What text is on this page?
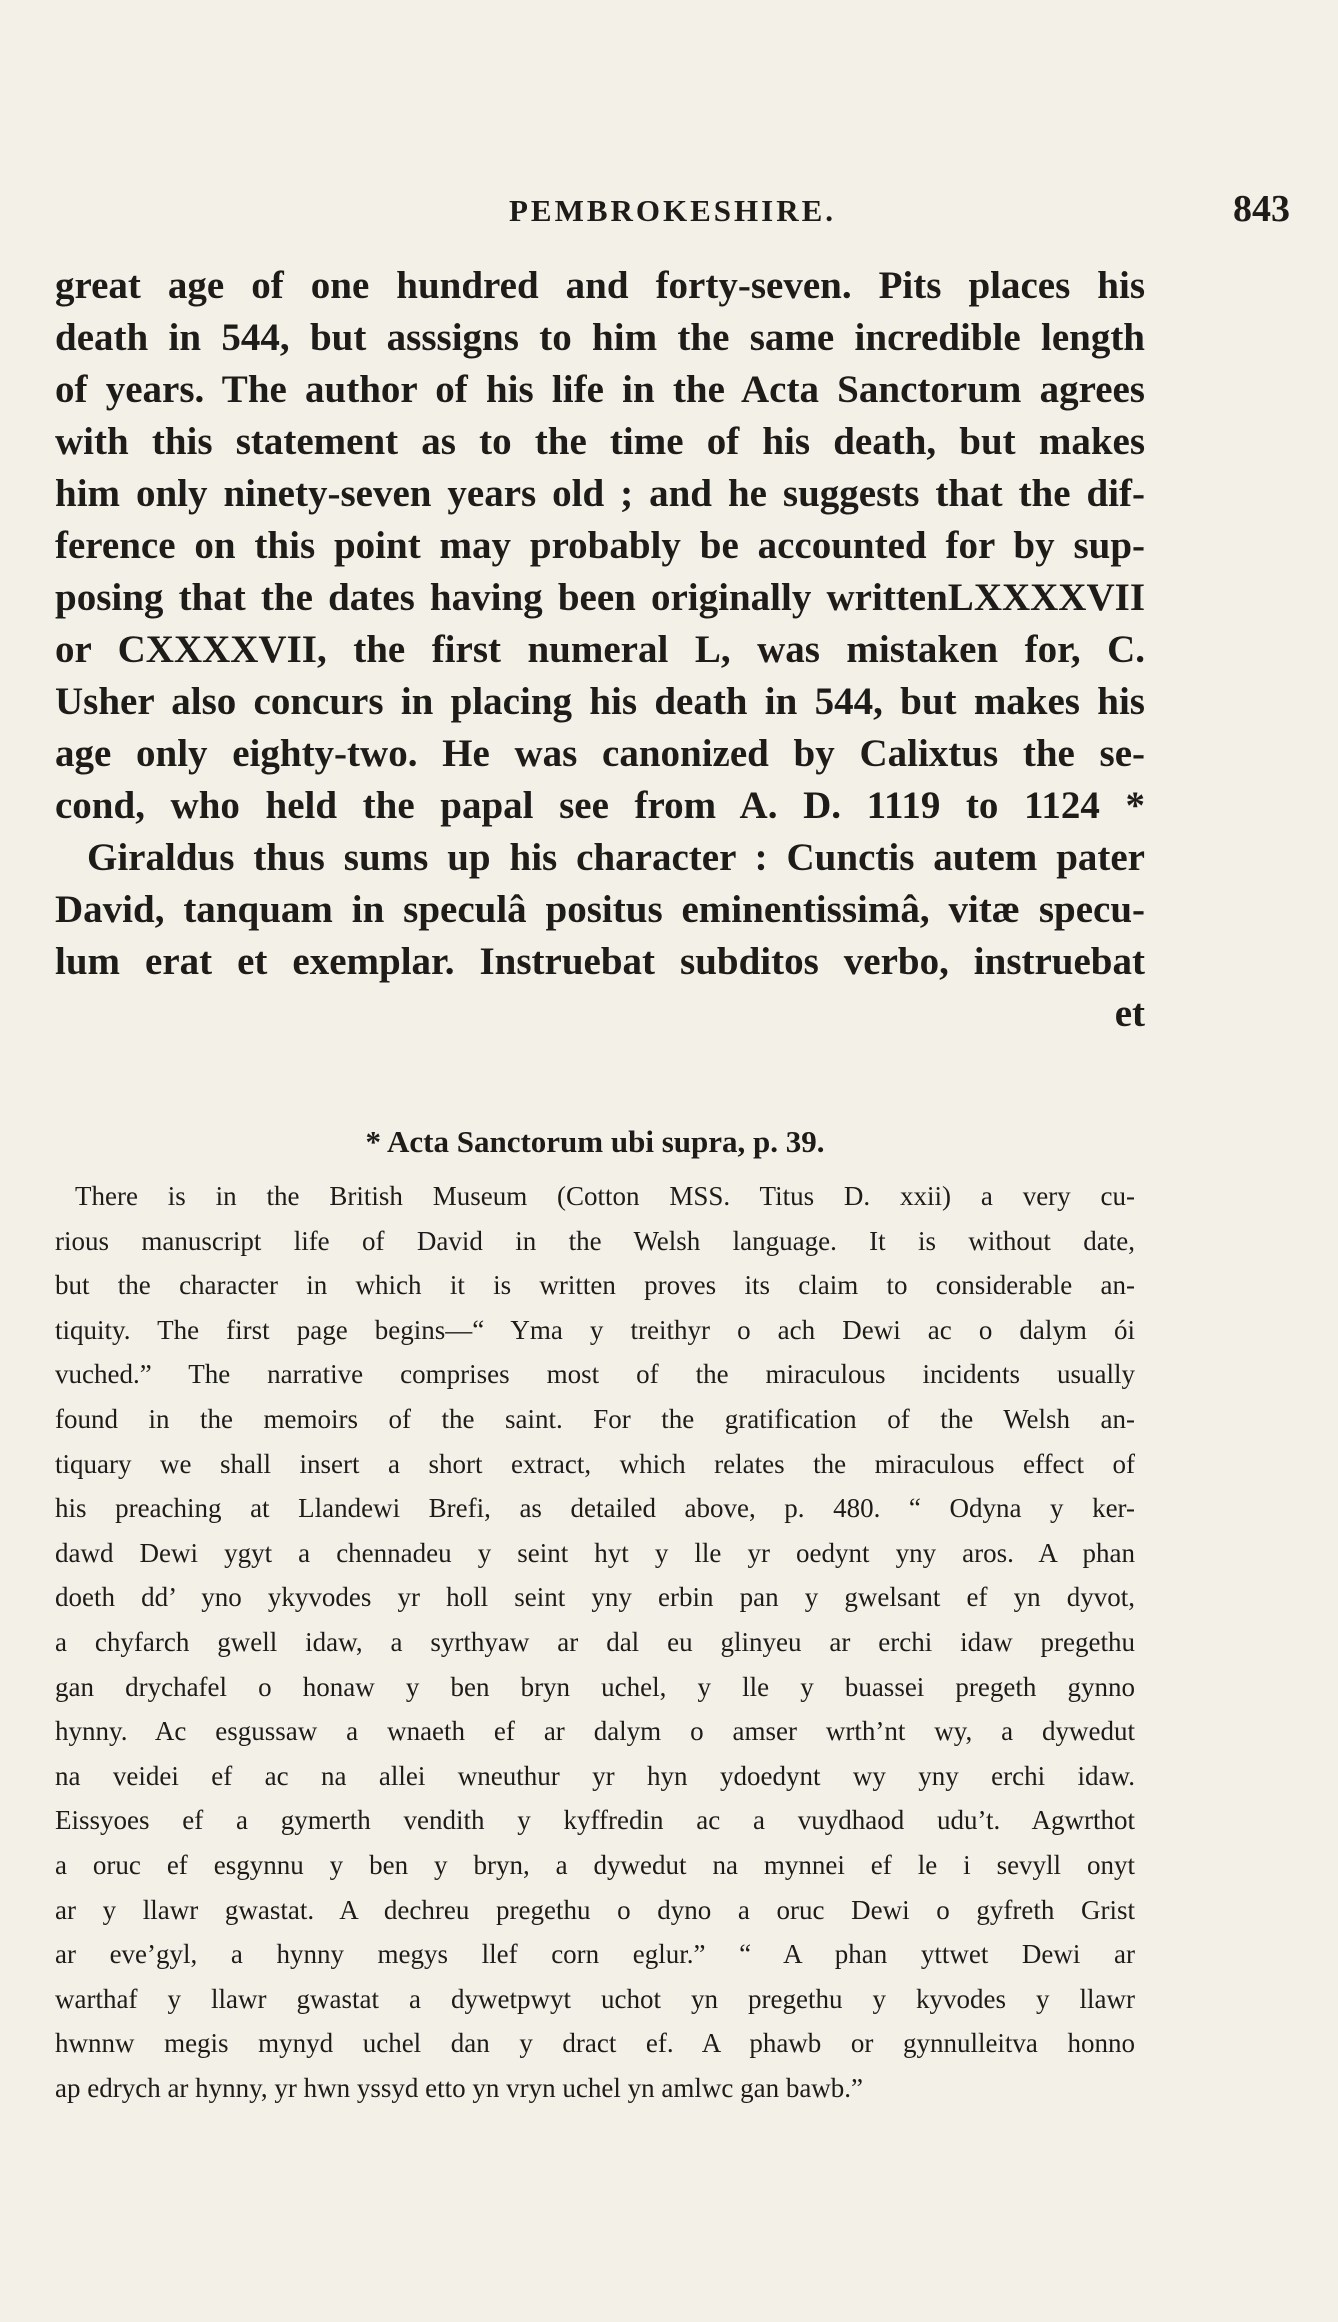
PEMBROKESHIRE.	843
great age of one hundred and forty-seven. Pits places his
death in 544, but asssigns to him the same incredible length
of years. The author of his life in the Acta Sanctorum agrees
with this statement as to the time of his death, but makes
him only ninety-seven years old ; and he suggests that the dif-
ference on this point may probably be accounted for by sup-
posing that the dates having been originally writtenLXXXXVII
or CXXXXVII, the first numeral L, was mistaken for, C.
Usher also concurs in placing his death in 544, but makes his
age only eighty-two. He was canonized by Calixtus the se-
cond, who held the papal see from A. D. 1119 to 1124 *
Giraldus thus sums up his character : Cunctis autem pater
David, tanquam in speculâ positus eminentissimâ, vitæ specu-
lum erat et exemplar. Instruebat subditos verbo, instruebat
et
* Acta Sanctorum ubi supra, p. 39.
There is in the British Museum (Cotton MSS. Titus D. xxii) a very cu-
rious manuscript life of David in the Welsh language. It is without date,
but the character in which it is written proves its claim to considerable an-
tiquity. The first page begins—“ Yma y treithyr o ach Dewi ac o dalym ói
vuched.” The narrative comprises most of the miraculous incidents usually
found in the memoirs of the saint. For the gratification of the Welsh an-
tiquary we shall insert a short extract, which relates the miraculous effect of
his preaching at Llandewi Brefi, as detailed above, p. 480. “ Odyna y ker-
dawd Dewi ygyt a chennadeu y seint hyt y lle yr oedynt yny aros. A phan
doeth dd’ yno ykyvodes yr holl seint yny erbin pan y gwelsant ef yn dyvot,
a chyfarch gwell idaw, a syrthyaw ar dal eu glinyeu ar erchi idaw pregethu
gan drychafel o honaw y ben bryn uchel, y lle y buassei pregeth gynno
hynny. Ac esgussaw a wnaeth ef ar dalym o amser wrth’nt wy, a dywedut
na veidei ef ac na allei wneuthur yr hyn ydoedynt wy yny erchi idaw.
Eissyoes ef a gymerth vendith y kyffredin ac a vuydhaod udu’t. Agwrthot
a oruc ef esgynnu y ben y bryn, a dywedut na mynnei ef le i sevyll onyt
ar y llawr gwastat. A dechreu pregethu o dyno a oruc Dewi o gyfreth Grist
ar eve’gyl, a hynny megys llef corn eglur.” “ A phan yttwet Dewi ar
warthaf y llawr gwastat a dywetpwyt uchot yn pregethu y kyvodes y llawr
hwnnw megis mynyd uchel dan y dract ef. A phawb or gynnulleitva honno
ap edrych ar hynny, yr hwn yssyd etto yn vryn uchel yn amlwc gan bawb.”
